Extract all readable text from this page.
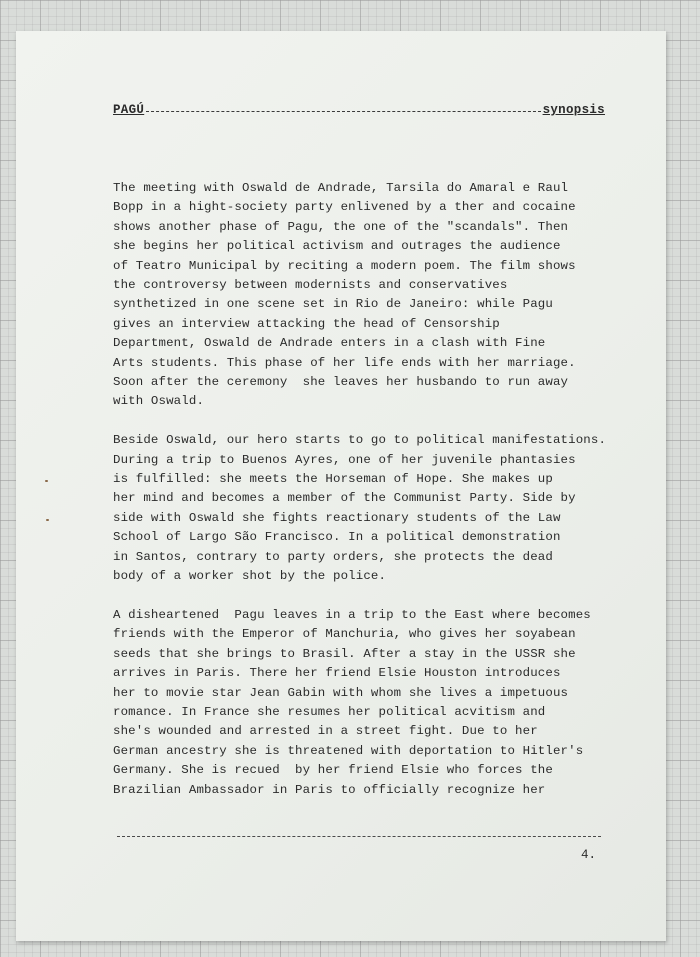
PAGÚ	synopsis
The meeting with Oswald de Andrade, Tarsila do Amaral e Raul
Bopp in a hight-society party enlivened by a ther and cocaine
shows another phase of Pagu, the one of the "scandals". Then
she begins her political activism and outrages the audience
of Teatro Municipal by reciting a modern poem. The film shows
the controversy between modernists and conservatives
synthetized in one scene set in Rio de Janeiro: while Pagu
gives an interview attacking the head of Censorship
Department, Oswald de Andrade enters in a clash with Fine
Arts students. This phase of her life ends with her marriage.
Soon after the ceremony  she leaves her husbando to run away
with Oswald.
Beside Oswald, our hero starts to go to political manifestations.
During a trip to Buenos Ayres, one of her juvenile phantasies
is fulfilled: she meets the Horseman of Hope. She makes up
her mind and becomes a member of the Communist Party. Side by
side with Oswald she fights reactionary students of the Law
School of Largo São Francisco. In a political demonstration
in Santos, contrary to party orders, she protects the dead
body of a worker shot by the police.
A disheartened  Pagu leaves in a trip to the East where becomes
friends with the Emperor of Manchuria, who gives her soyabean
seeds that she brings to Brasil. After a stay in the USSR she
arrives in Paris. There her friend Elsie Houston introduces
her to movie star Jean Gabin with whom she lives a impetuous
romance. In France she resumes her political acvitism and
she's wounded and arrested in a street fight. Due to her
German ancestry she is threatened with deportation to Hitler's
Germany. She is recued  by her friend Elsie who forces the
Brazilian Ambassador in Paris to officially recognize her
4.
